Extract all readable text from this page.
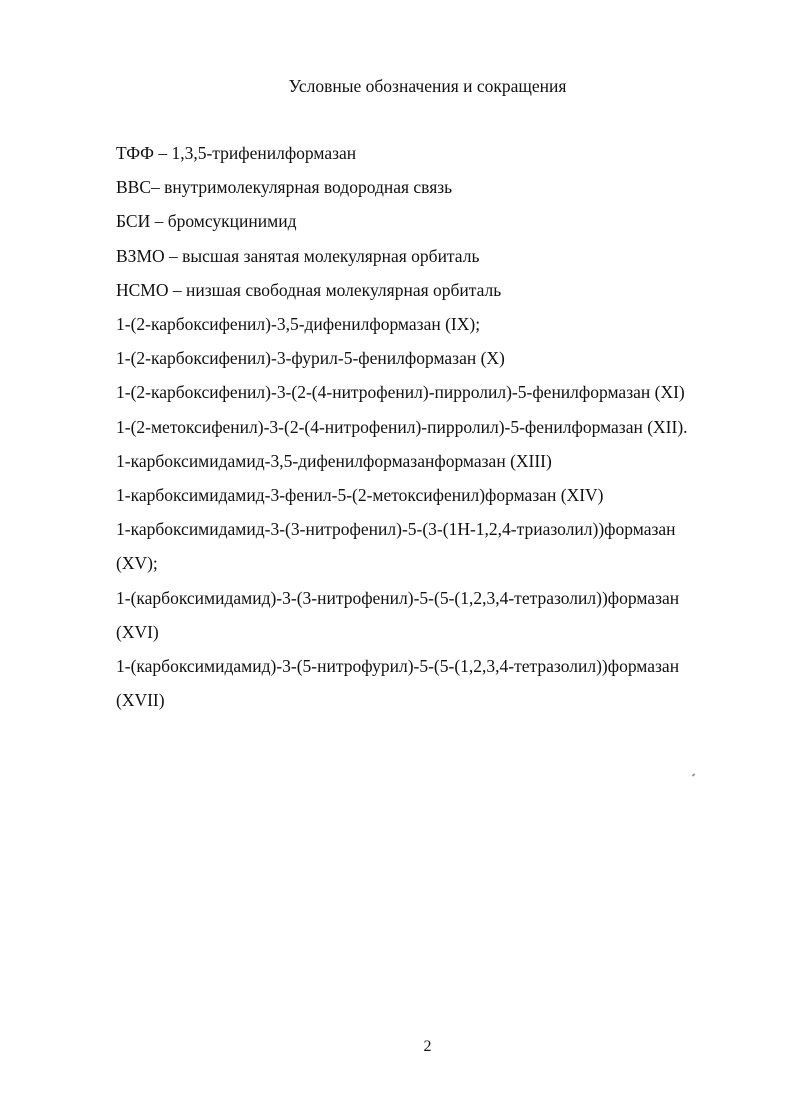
Условные обозначения и сокращения
ТФФ – 1,3,5-трифенилформазан
ВВС– внутримолекулярная водородная связь
БСИ – бромсукцинимид
ВЗМО – высшая занятая молекулярная орбиталь
НСМО – низшая свободная молекулярная орбиталь
1-(2-карбоксифенил)-3,5-дифенилформазан (IX);
1-(2-карбоксифенил)-3-фурил-5-фенилформазан (X)
1-(2-карбоксифенил)-3-(2-(4-нитрофенил)-пирролил)-5-фенилформазан (XI)
1-(2-метоксифенил)-3-(2-(4-нитрофенил)-пирролил)-5-фенилформазан (XII).
1-карбоксимидамид-3,5-дифенилформазанформазан (XIII)
1-карбоксимидамид-3-фенил-5-(2-метоксифенил)формазан (XIV)
1-карбоксимидамид-3-(3-нитрофенил)-5-(3-(1Н-1,2,4-триазолил))формазан
(XV);
1-(карбоксимидамид)-3-(3-нитрофенил)-5-(5-(1,2,3,4-тетразолил))формазан
(XVI)
1-(карбоксимидамид)-3-(5-нитрофурил)-5-(5-(1,2,3,4-тетразолил))формазан
(XVII)
2
